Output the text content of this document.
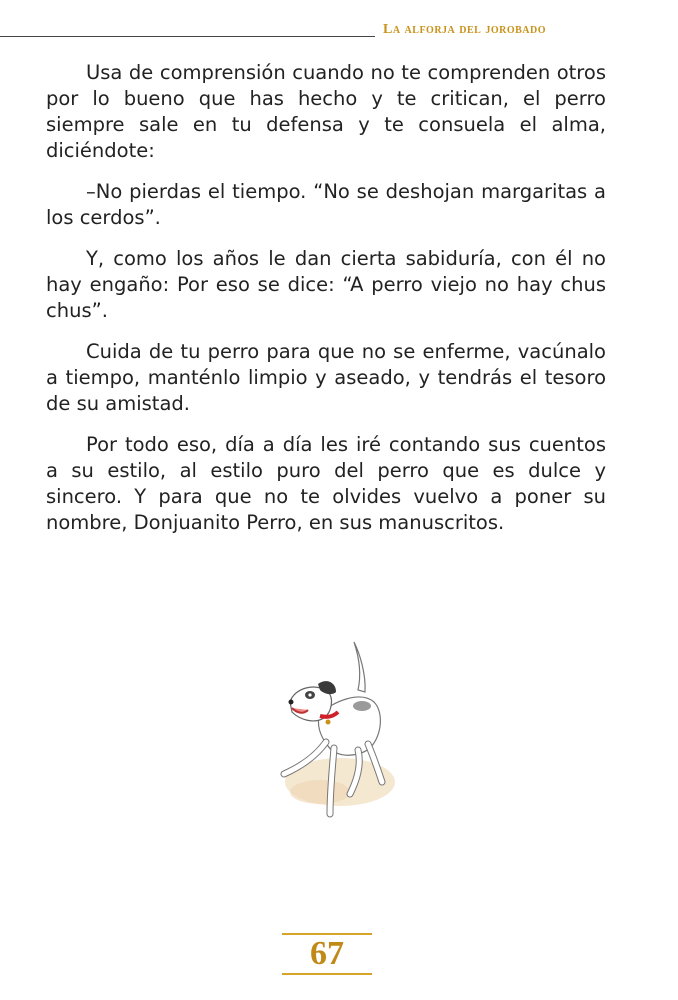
La alforja del jorobado

Usa de comprensión cuando no te comprenden otros por lo bueno que has hecho y te critican, el perro siempre sale en tu defensa y te consuela el alma, diciéndote:

–No pierdas el tiempo. “No se deshojan margaritas a los cerdos”.

Y, como los años le dan cierta sabiduría, con él no hay engaño: Por eso se dice: “A perro viejo no hay chus chus”.

Cuida de tu perro para que no se enferme, vacúnalo a tiempo, manténlo limpio y aseado, y tendrás el tesoro de su amistad.

Por todo eso, día a día les iré contando sus cuentos a su estilo, al estilo puro del perro que es dulce y sincero. Y para que no te olvides vuelvo a poner su nombre, Donjuanito Perro, en sus manuscritos.

67
